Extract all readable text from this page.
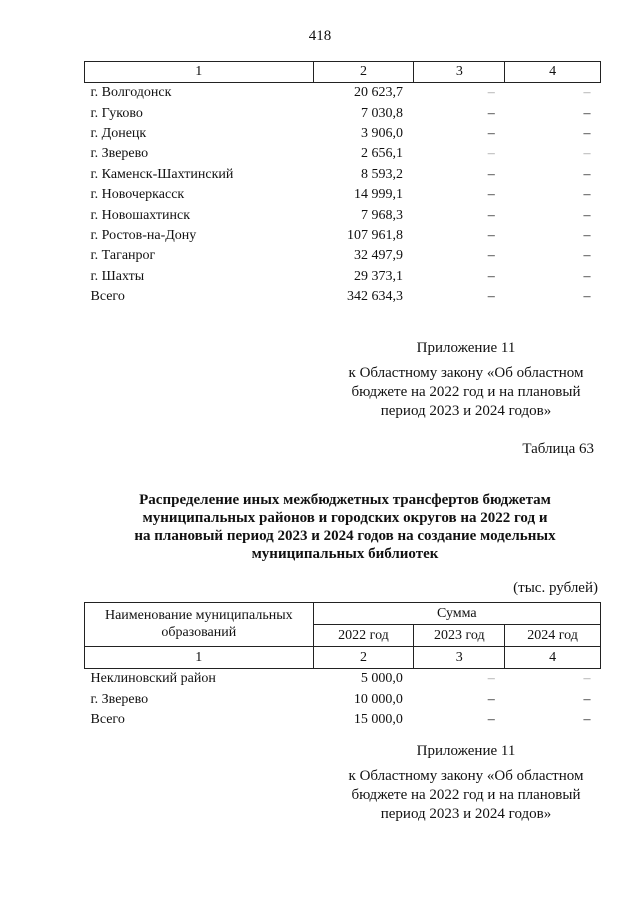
418
1	2	3	4
г. Волгодонск	20 623,7	–	–
г. Гуково	7 030,8	–	–
г. Донецк	3 906,0	–	–
г. Зверево	2 656,1	–	–
г. Каменск-Шахтинский	8 593,2	–	–
г. Новочеркасск	14 999,1	–	–
г. Новошахтинск	7 968,3	–	–
г. Ростов-на-Дону	107 961,8	–	–
г. Таганрог	32 497,9	–	–
г. Шахты	29 373,1	–	–
Всего	342 634,3	–	–
Приложение 11
к Областному закону «Об областном
бюджете на 2022 год и на плановый
период 2023 и 2024 годов»
Таблица 63
Распределение иных межбюджетных трансфертов бюджетам
муниципальных районов и городских округов на 2022 год и
на плановый период 2023 и 2024 годов на создание модельных
муниципальных библиотек
(тыс. рублей)
Наименование муниципальных
образований	Сумма		
	2022 год	2023 год	2024 год
1	2	3	4
Неклиновский район	5 000,0	–	–
г. Зверево	10 000,0	–	–
Всего	15 000,0	–	–
Приложение 11
к Областному закону «Об областном
бюджете на 2022 год и на плановый
период 2023 и 2024 годов»
